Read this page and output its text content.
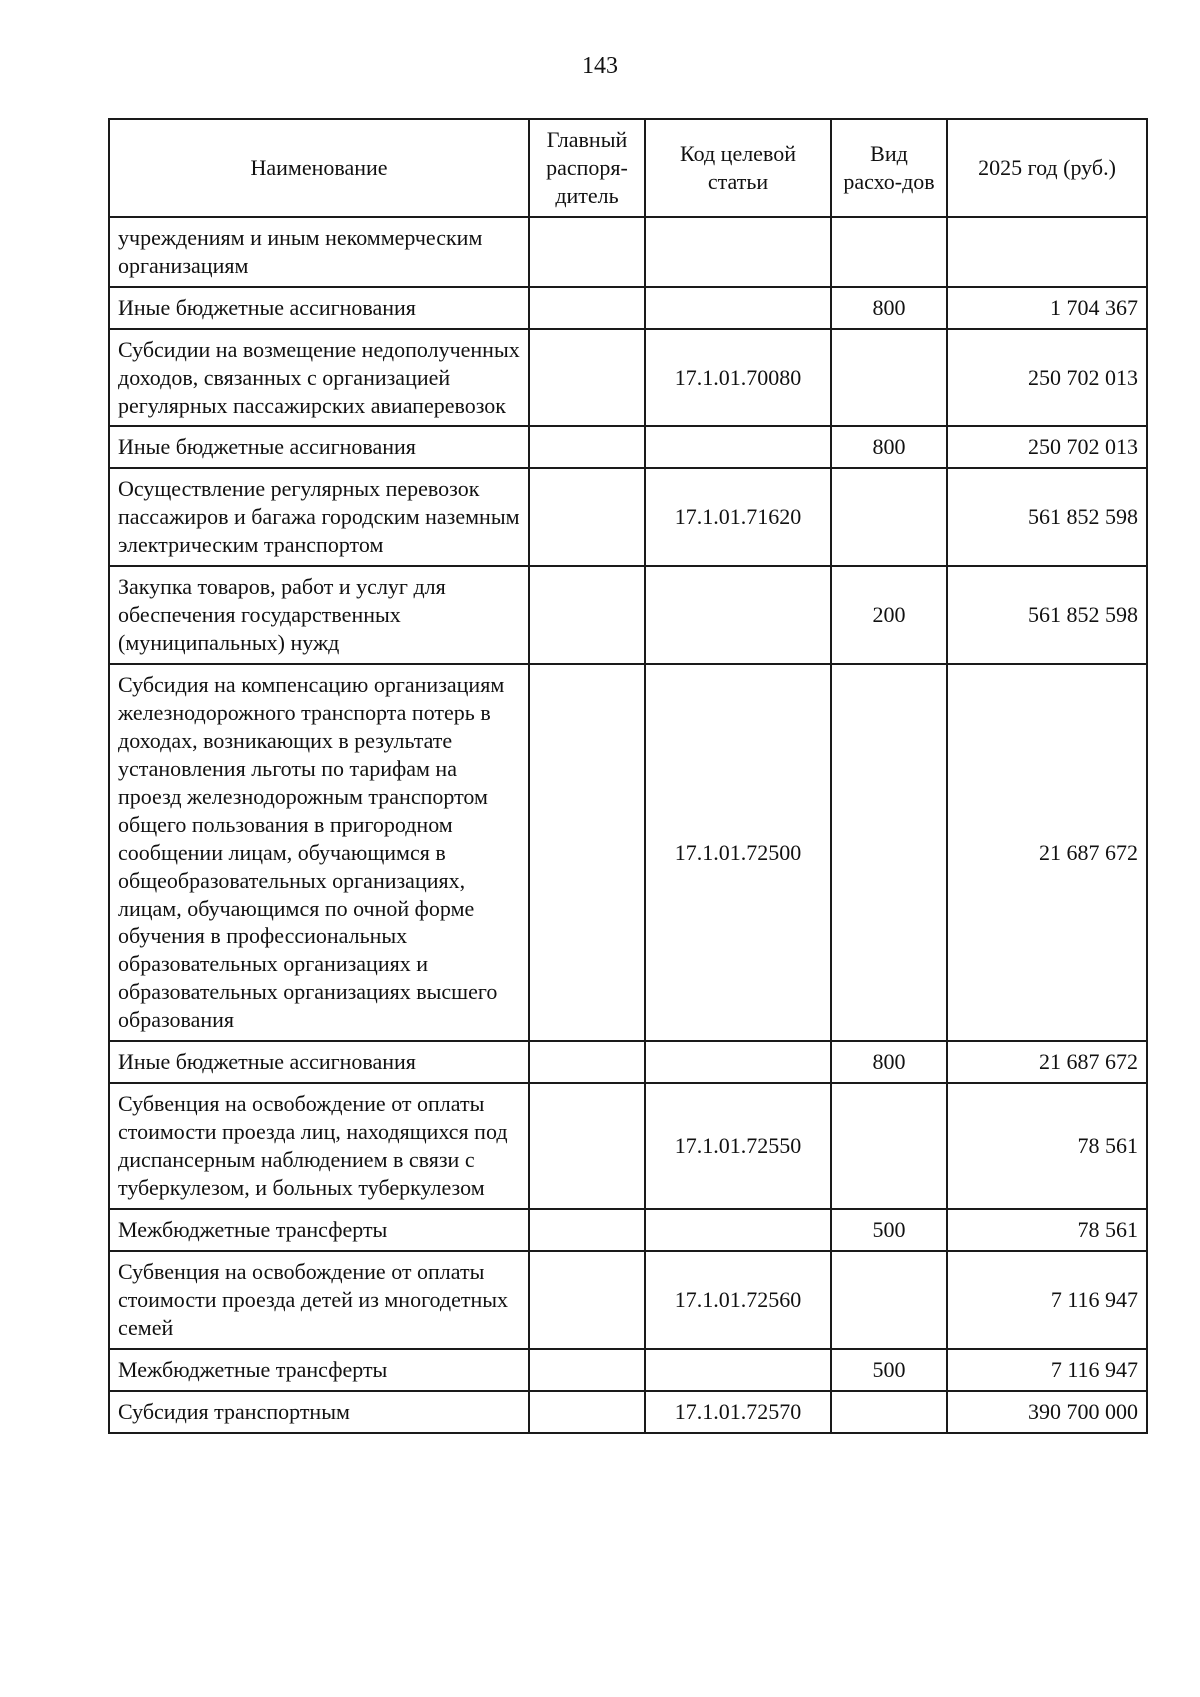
143
Наименование	Главный распоря-дитель	Код целевой статьи	Вид расхо-дов	2025 год (руб.)
учреждениям и иным некоммерческим организациям				
Иные бюджетные ассигнования			800	1 704 367
Субсидии на возмещение недополученных доходов, связанных с организацией регулярных пассажирских авиаперевозок		17.1.01.70080		250 702 013
Иные бюджетные ассигнования			800	250 702 013
Осуществление регулярных перевозок пассажиров и багажа городским наземным электрическим транспортом		17.1.01.71620		561 852 598
Закупка товаров, работ и услуг для обеспечения государственных (муниципальных) нужд			200	561 852 598
Субсидия на компенсацию организациям железнодорожного транспорта потерь в доходах, возникающих в результате установления льготы по тарифам на проезд железнодорожным транспортом общего пользования в пригородном сообщении лицам, обучающимся в общеобразовательных организациях, лицам, обучающимся по очной форме обучения в профессиональных образовательных организациях и образовательных организациях высшего образования		17.1.01.72500		21 687 672
Иные бюджетные ассигнования			800	21 687 672
Субвенция на освобождение от оплаты стоимости проезда лиц, находящихся под диспансерным наблюдением в связи с туберкулезом, и больных туберкулезом		17.1.01.72550		78 561
Межбюджетные трансферты			500	78 561
Субвенция на освобождение от оплаты стоимости проезда детей из многодетных семей		17.1.01.72560		7 116 947
Межбюджетные трансферты			500	7 116 947
Субсидия транспортным		17.1.01.72570		390 700 000
